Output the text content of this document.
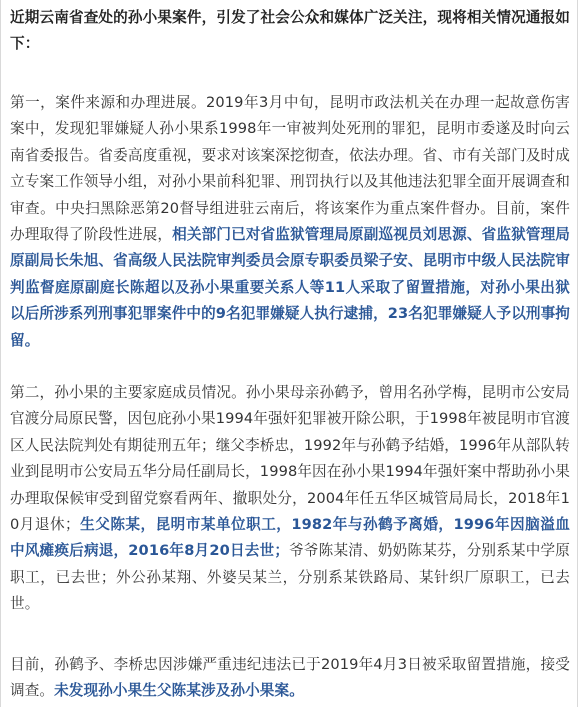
近期云南省查处的孙小果案件，引发了社会公众和媒体广泛关注，现将相关情况通报如下：

第一，案件来源和办理进展。2019年3月中旬，昆明市政法机关在办理一起故意伤害案中，发现犯罪嫌疑人孙小果系1998年一审被判处死刑的罪犯，昆明市委遂及时向云南省委报告。省委高度重视，要求对该案深挖彻查，依法办理。省、市有关部门及时成立专案工作领导小组，对孙小果前科犯罪、刑罚执行以及其他违法犯罪全面开展调查和审查。中央扫黑除恶第20督导组进驻云南后，将该案作为重点案件督办。目前，案件办理取得了阶段性进展，相关部门已对省监狱管理局原副巡视员刘思源、省监狱管理局原副局长朱旭、省高级人民法院审判委员会原专职委员梁子安、昆明市中级人民法院审判监督庭原副庭长陈超以及孙小果重要关系人等11人采取了留置措施，对孙小果出狱以后所涉系列刑事犯罪案件中的9名犯罪嫌疑人执行逮捕，23名犯罪嫌疑人予以刑事拘留。

第二，孙小果的主要家庭成员情况。孙小果母亲孙鹤予，曾用名孙学梅，昆明市公安局官渡分局原民警，因包庇孙小果1994年强奸犯罪被开除公职，于1998年被昆明市官渡区人民法院判处有期徒刑五年；继父李桥忠，1992年与孙鹤予结婚，1996年从部队转业到昆明市公安局五华分局任副局长，1998年因在孙小果1994年强奸案中帮助孙小果办理取保候审受到留党察看两年、撤职处分，2004年任五华区城管局局长，2018年10月退休；生父陈某，昆明市某单位职工，1982年与孙鹤予离婚，1996年因脑溢血中风瘫痪后病退，2016年8月20日去世；爷爷陈某清、奶奶陈某芬，分别系某中学原职工，已去世；外公孙某翔、外婆吴某兰，分别系某铁路局、某针织厂原职工，已去世。

目前，孙鹤予、李桥忠因涉嫌严重违纪违法已于2019年4月3日被采取留置措施，接受调查。未发现孙小果生父陈某涉及孙小果案。
